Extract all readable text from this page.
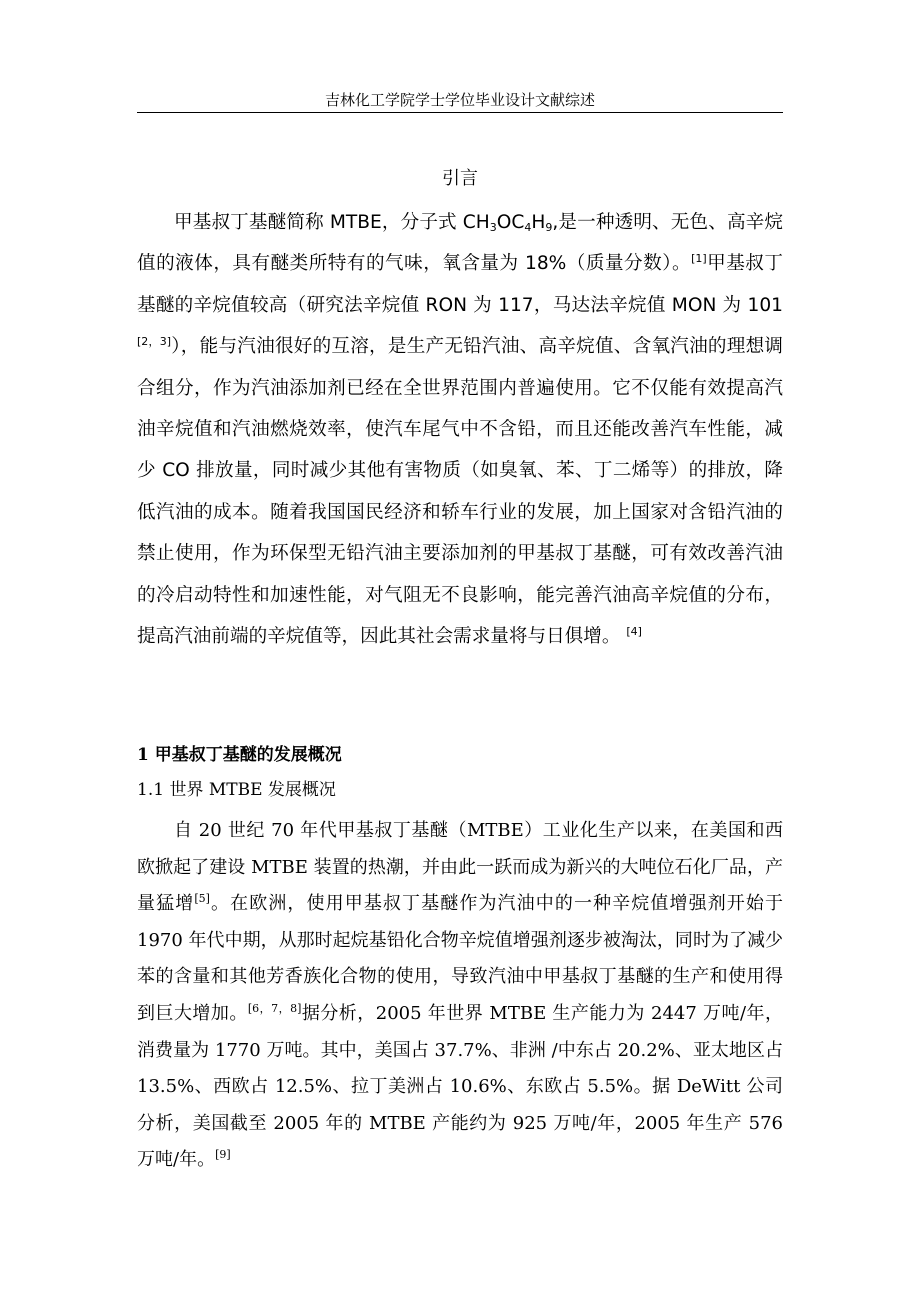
吉林化工学院学士学位毕业设计文献综述
引言

甲基叔丁基醚简称 MTBE，分子式 $CH_3OC_4H_9$,是一种透明、无色、高辛烷值的液体，具有醚类所特有的气味，氧含量为 18%（质量分数）。[1]甲基叔丁基醚的辛烷值较高（研究法辛烷值 RON 为 117，马达法辛烷值 MON 为 101 [2，3]），能与汽油很好的互溶，是生产无铅汽油、高辛烷值、含氧汽油的理想调合组分，作为汽油添加剂已经在全世界范围内普遍使用。它不仅能有效提高汽油辛烷值和汽油燃烧效率，使汽车尾气中不含铅，而且还能改善汽车性能，减少 CO 排放量，同时减少其他有害物质（如臭氧、苯、丁二烯等）的排放，降低汽油的成本。随着我国国民经济和轿车行业的发展，加上国家对含铅汽油的禁止使用，作为环保型无铅汽油主要添加剂的甲基叔丁基醚，可有效改善汽油的冷启动特性和加速性能，对气阻无不良影响，能完善汽油高辛烷值的分布，提高汽油前端的辛烷值等，因此其社会需求量将与日俱增。 [4]

1 甲基叔丁基醚的发展概况
1.1 世界 MTBE 发展概况

自 20 世纪 70 年代甲基叔丁基醚（MTBE）工业化生产以来，在美国和西欧掀起了建设 MTBE 装置的热潮，并由此一跃而成为新兴的大吨位石化厂品，产量猛增[5]。在欧洲，使用甲基叔丁基醚作为汽油中的一种辛烷值增强剂开始于 1970 年代中期，从那时起烷基铅化合物辛烷值增强剂逐步被淘汰，同时为了减少苯的含量和其他芳香族化合物的使用，导致汽油中甲基叔丁基醚的生产和使用得到巨大增加。[6，7，8]据分析，2005 年世界 MTBE 生产能力为 2447 万吨/年，消费量为 1770 万吨。其中，美国占 37.7%、非洲 /中东占 20.2%、亚太地区占 13.5%、西欧占 12.5%、拉丁美洲占 10.6%、东欧占 5.5%。据 DeWitt 公司分析，美国截至 2005 年的 MTBE 产能约为 925 万吨/年，2005 年生产 576 万吨/年。[9]
